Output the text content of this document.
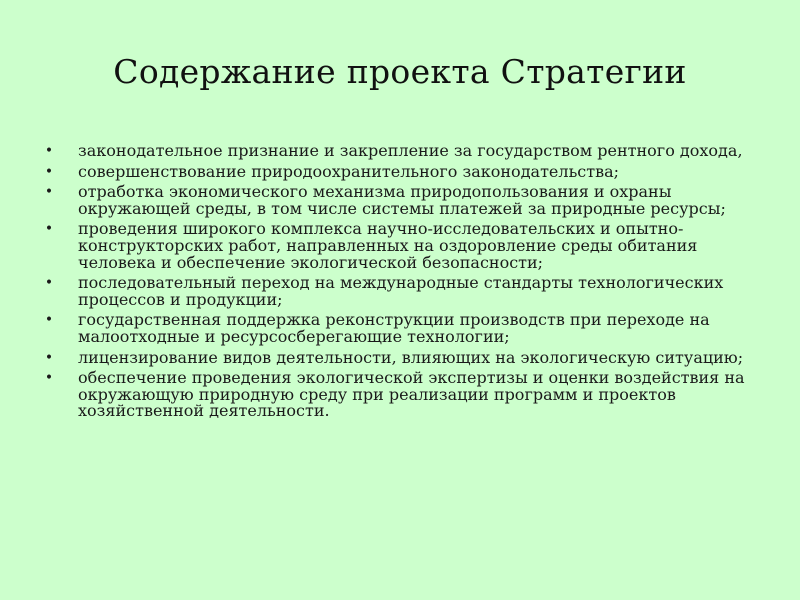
Содержание проекта Стратегии
• законодательное признание и закрепление за государством рентного дохода,
• совершенствование природоохранительного законодательства;
• отработка экономического механизма природопользования и охраны окружающей среды, в том числе системы платежей за природные ресурсы;
• проведения широкого комплекса научно-исследовательских и опытно-конструкторских работ, направленных на оздоровление среды обитания человека и обеспечение экологической безопасности;
• последовательный переход на международные стандарты технологических процессов и продукции;
• государственная поддержка реконструкции производств при переходе на малоотходные и ресурсосберегающие технологии;
• лицензирование видов деятельности, влияющих на экологическую ситуацию;
• обеспечение проведения экологической экспертизы и оценки воздействия на окружающую природную среду при реализации программ и проектов хозяйственной деятельности.
